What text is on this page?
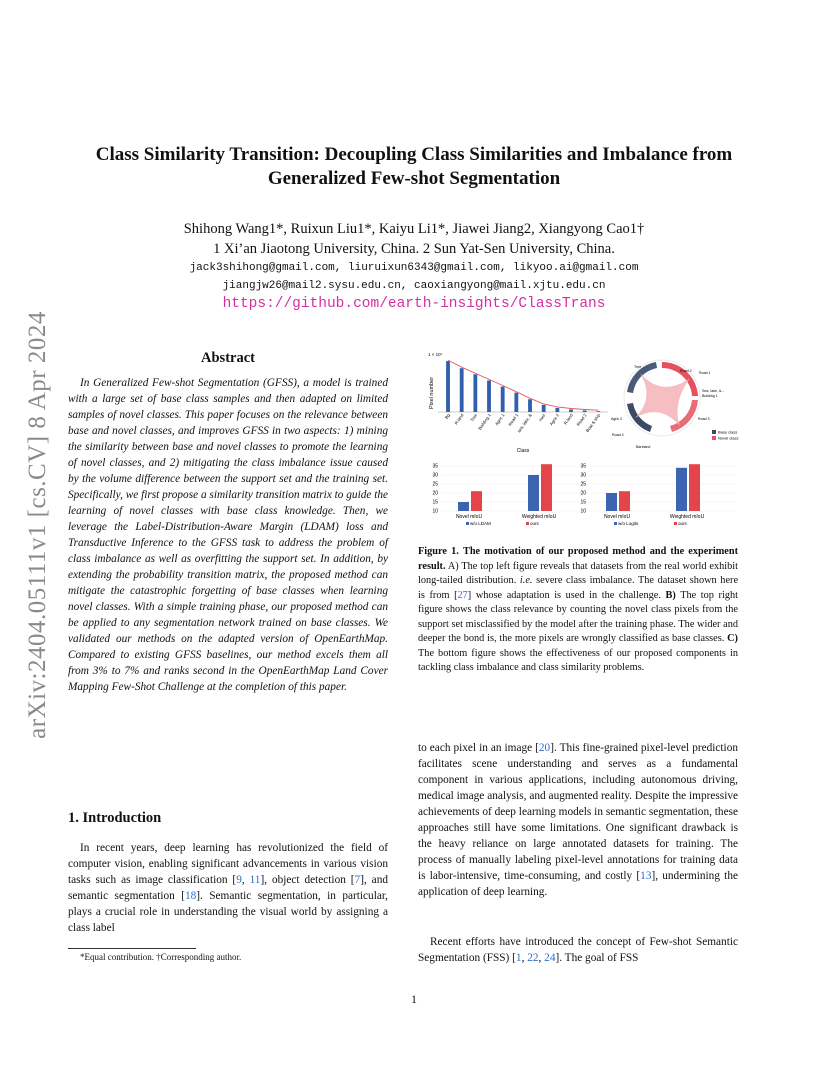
arXiv:2404.05111v1 [cs.CV] 8 Apr 2024
Class Similarity Transition: Decoupling Class Similarities and Imbalance from
Generalized Few-shot Segmentation
Shihong Wang1*, Ruixun Liu1*, Kaiyu Li1*, Jiawei Jiang2, Xiangyong Cao1†
1 Xi’an Jiaotong University, China. 2 Sun Yat-Sen University, China.
jack3shihong@gmail.com, liuruixun6343@gmail.com, likyoo.ai@gmail.com
jiangjw26@mail2.sysu.edu.cn, caoxiangyong@mail.xjtu.edu.cn
https://github.com/earth-insights/ClassTrans
Abstract
In Generalized Few-shot Segmentation (GFSS), a model is trained with a large set of base class samples and then adapted on limited samples of novel classes. This paper focuses on the relevance between base and novel classes, and improves GFSS in two aspects: 1) mining the similarity between base and novel classes to promote the learning of novel classes, and 2) mitigating the class imbalance issue caused by the volume difference between the support set and the training set. Specifically, we first propose a similarity transition matrix to guide the learning of novel classes with base class knowledge. Then, we leverage the Label-Distribution-Aware Margin (LDAM) loss and Transductive Inference to the GFSS task to address the problem of class imbalance as well as overfitting the support set. In addition, by extending the probability transition matrix, the proposed method can mitigate the catastrophic forgetting of base classes when learning novel classes. With a simple training phase, our proposed method can be applied to any segmentation network trained on base classes. We validated our methods on the adapted version of OpenEarthMap. Compared to existing GFSS baselines, our method excels them all from 3% to 7% and ranks second in the OpenEarthMap Land Cover Mapping Few-Shot Challenge at the completion of this paper.
1. Introduction
In recent years, deep learning has revolutionized the field of computer vision, enabling significant advancements in various vision tasks such as image classification [9, 11], object detection [7], and semantic segmentation [18]. Semantic segmentation, in particular, plays a crucial role in understanding the visual world by assigning a class label
*Equal contribution. †Corresponding author.
to each pixel in an image [20]. This fine-grained pixel-level prediction facilitates scene understanding and serves as a fundamental component in various applications, including autonomous driving, medical image analysis, and augmented reality. Despite the impressive achievements of deep learning models in semantic segmentation, these approaches still have some limitations. One significant drawback is the heavy reliance on large annotated datasets for training. The process of manually labeling pixel-level annotations for training data is labor-intensive, time-consuming, and costly [13], undermining the application of deep learning.
Recent efforts have introduced the concept of Few-shot Semantic Segmentation (FSS) [1, 22, 24]. The goal of FSS
1 × 10⁷
Pixel number
Class
Bg R.land Tree Building 1 Agric 1 Road 1
sea, lake, & river Agric 2 R.land Road 2
Boat & ship
Road 2 Road 1
Sea, lake, &...
Building 1
Road 3
Agric 2
Road 4
Bareland
Tree
Base class
Novel class
10
15
20
25
30
35
Novel mIoU	Weighted mIoU
w/o LDAM	ours
10
15
20
25
30
35
Novel mIoU	Weighted mIoU
w/o Logits	ours
Figure 1. The motivation of our proposed method and the experiment result. A) The top left figure reveals that datasets from the real world exhibit long-tailed distribution. i.e. severe class imbalance. The dataset shown here is from [27] whose adaptation is used in the challenge. B) The top right figure shows the class relevance by counting the novel class pixels from the support set misclassified by the model after the training phase. The wider and deeper the bond is, the more pixels are wrongly classified as base classes. C) The bottom figure shows the effectiveness of our proposed components in tackling class imbalance and class similarity problems.
1
